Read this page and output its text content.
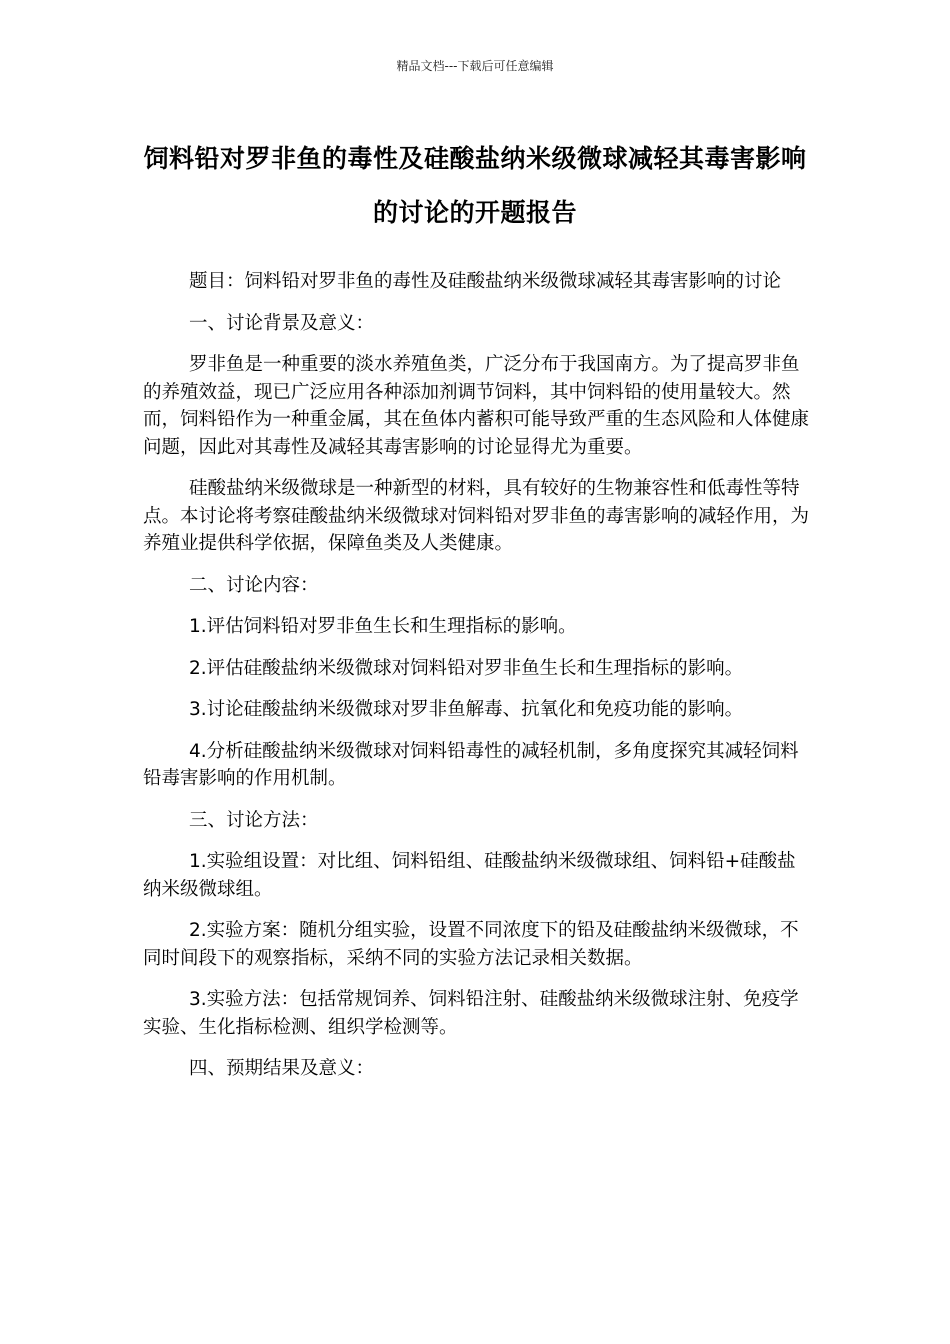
精品文档---下载后可任意编辑
饲料铅对罗非鱼的毒性及硅酸盐纳米级微球减轻其毒害影响的讨论的开题报告

题目：饲料铅对罗非鱼的毒性及硅酸盐纳米级微球减轻其毒害影响的讨论

一、讨论背景及意义：

罗非鱼是一种重要的淡水养殖鱼类，广泛分布于我国南方。为了提高罗非鱼的养殖效益，现已广泛应用各种添加剂调节饲料，其中饲料铅的使用量较大。然而，饲料铅作为一种重金属，其在鱼体内蓄积可能导致严重的生态风险和人体健康问题，因此对其毒性及减轻其毒害影响的讨论显得尤为重要。

硅酸盐纳米级微球是一种新型的材料，具有较好的生物兼容性和低毒性等特点。本讨论将考察硅酸盐纳米级微球对饲料铅对罗非鱼的毒害影响的减轻作用，为养殖业提供科学依据，保障鱼类及人类健康。

二、讨论内容：

1.评估饲料铅对罗非鱼生长和生理指标的影响。

2.评估硅酸盐纳米级微球对饲料铅对罗非鱼生长和生理指标的影响。

3.讨论硅酸盐纳米级微球对罗非鱼解毒、抗氧化和免疫功能的影响。

4.分析硅酸盐纳米级微球对饲料铅毒性的减轻机制，多角度探究其减轻饲料铅毒害影响的作用机制。

三、讨论方法：

1.实验组设置：对比组、饲料铅组、硅酸盐纳米级微球组、饲料铅+硅酸盐纳米级微球组。

2.实验方案：随机分组实验，设置不同浓度下的铅及硅酸盐纳米级微球，不同时间段下的观察指标，采纳不同的实验方法记录相关数据。

3.实验方法：包括常规饲养、饲料铅注射、硅酸盐纳米级微球注射、免疫学实验、生化指标检测、组织学检测等。

四、预期结果及意义：
